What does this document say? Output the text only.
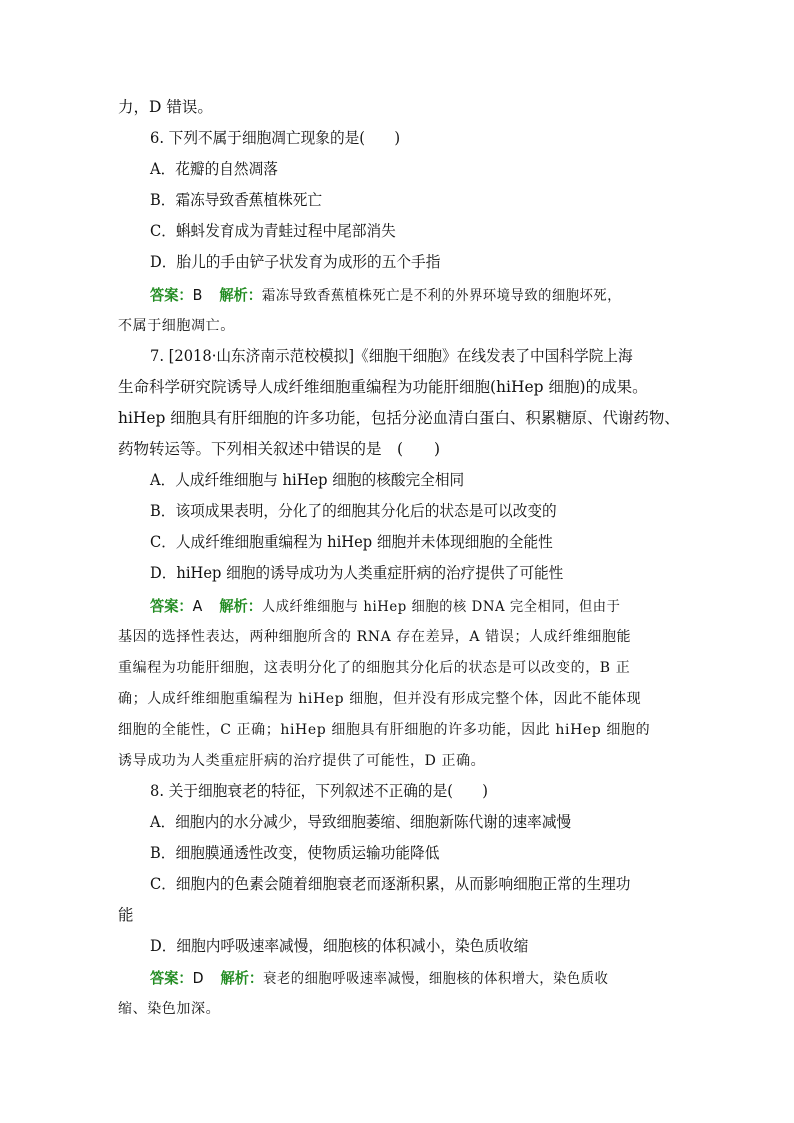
力，D 错误。
6. 下列不属于细胞凋亡现象的是(　　)
A．花瓣的自然凋落
B．霜冻导致香蕉植株死亡
C．蝌蚪发育成为青蛙过程中尾部消失
D．胎儿的手由铲子状发育为成形的五个手指
答案：B 解析：霜冻导致香蕉植株死亡是不利的外界环境导致的细胞坏死，
不属于细胞凋亡。
7. [2018·山东济南示范校模拟]《细胞干细胞》在线发表了中国科学院上海
生命科学研究院诱导人成纤维细胞重编程为功能肝细胞(hiHep 细胞)的成果。
hiHep 细胞具有肝细胞的许多功能，包括分泌血清白蛋白、积累糖原、代谢药物、
药物转运等。下列相关叙述中错误的是　(　　)
A．人成纤维细胞与 hiHep 细胞的核酸完全相同
B．该项成果表明，分化了的细胞其分化后的状态是可以改变的
C．人成纤维细胞重编程为 hiHep 细胞并未体现细胞的全能性
D．hiHep 细胞的诱导成功为人类重症肝病的治疗提供了可能性
答案：A 解析：人成纤维细胞与 hiHep 细胞的核 DNA 完全相同，但由于
基因的选择性表达，两种细胞所含的 RNA 存在差异，A 错误；人成纤维细胞能
重编程为功能肝细胞，这表明分化了的细胞其分化后的状态是可以改变的，B 正
确；人成纤维细胞重编程为 hiHep 细胞，但并没有形成完整个体，因此不能体现
细胞的全能性，C 正确；hiHep 细胞具有肝细胞的许多功能，因此 hiHep 细胞的
诱导成功为人类重症肝病的治疗提供了可能性，D 正确。
8. 关于细胞衰老的特征，下列叙述不正确的是(　　)
A．细胞内的水分减少，导致细胞萎缩、细胞新陈代谢的速率减慢
B．细胞膜通透性改变，使物质运输功能降低
C．细胞内的色素会随着细胞衰老而逐渐积累，从而影响细胞正常的生理功
能
D．细胞内呼吸速率减慢，细胞核的体积减小，染色质收缩
答案：D 解析：衰老的细胞呼吸速率减慢，细胞核的体积增大，染色质收
缩、染色加深。
